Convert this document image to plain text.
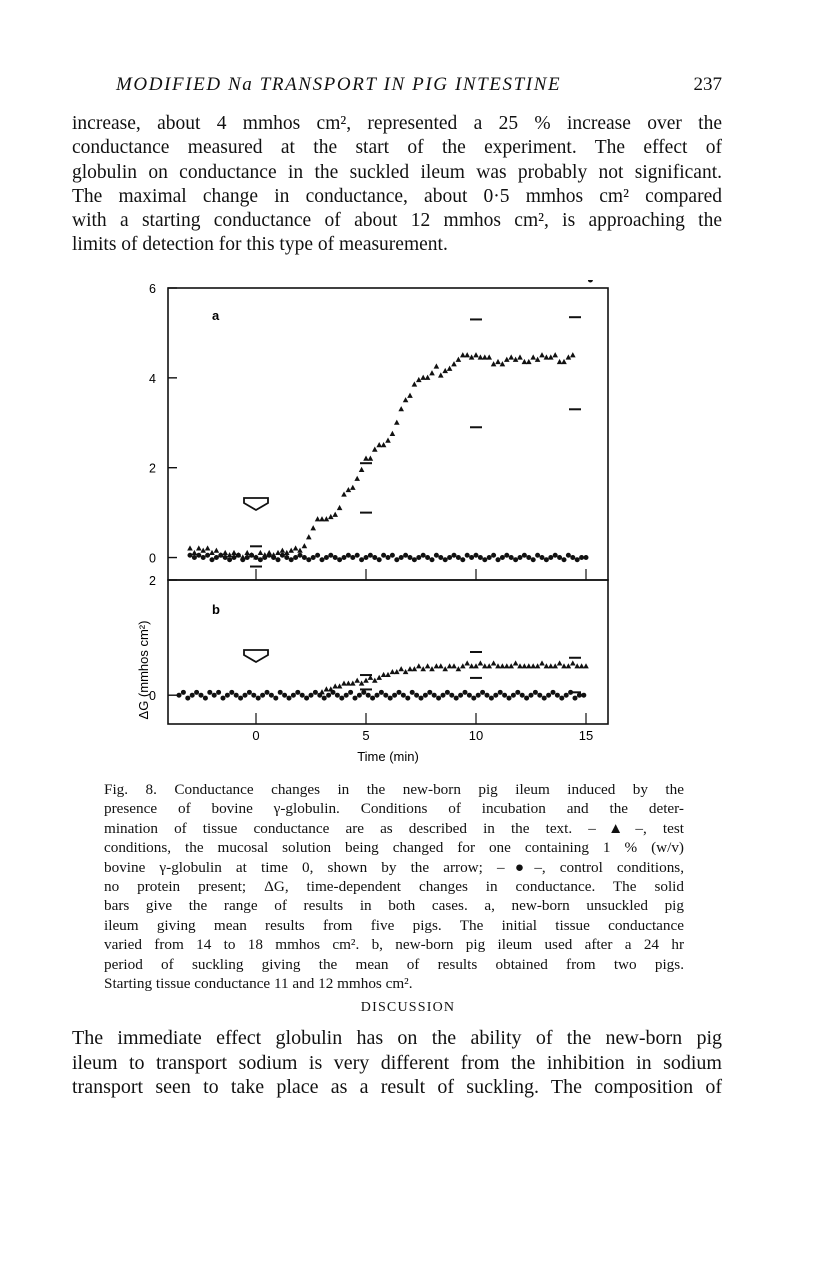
MODIFIED Na TRANSPORT IN PIG INTESTINE	237
increase, about 4 mmhos cm², represented a 25 % increase over the
conductance measured at the start of the experiment. The effect of
globulin on conductance in the suckled ileum was probably not significant.
The maximal change in conductance, about 0·5 mmhos cm² compared
with a starting conductance of about 12 mmhos cm², is approaching the
limits of detection for this type of measurement.
0
2
4
6
a
0
2
0	5	10	15
b
Time (min)
ΔG (mmhos cm²)
Fig. 8. Conductance changes in the new-born pig ileum induced by the
presence of bovine γ-globulin. Conditions of incubation and the deter-
mination of tissue conductance are as described in the text. –▲–, test
conditions, the mucosal solution being changed for one containing 1 % (w/v)
bovine γ-globulin at time 0, shown by the arrow; –●–, control conditions,
no protein present; ΔG, time-dependent changes in conductance. The solid
bars give the range of results in both cases. a, new-born unsuckled pig
ileum giving mean results from five pigs. The initial tissue conductance
varied from 14 to 18 mmhos cm². b, new-born pig ileum used after a 24 hr
period of suckling giving the mean of results obtained from two pigs.
Starting tissue conductance 11 and 12 mmhos cm².
DISCUSSION
The immediate effect globulin has on the ability of the new-born pig
ileum to transport sodium is very different from the inhibition in sodium
transport seen to take place as a result of suckling. The composition of
